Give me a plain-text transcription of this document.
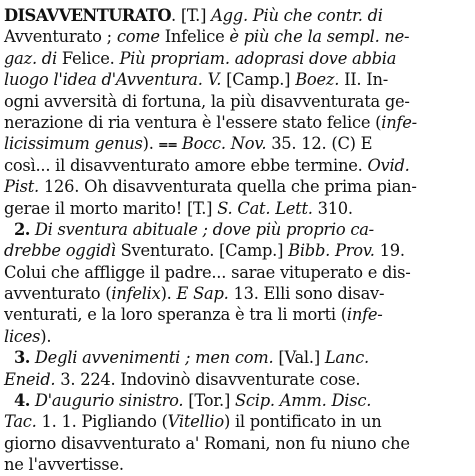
DISAVVENTURATO. [T.] Agg. Più che contr. di
Avventurato ; come Infelice è più che la sempl. ne-
gaz. di Felice. Più propriam. adoprasi dove abbia
luogo l'idea d'Avventura. V. [Camp.] Boez. II. In-
ogni avversità di fortuna, la più disavventurata ge-
nerazione di ria ventura è l'essere stato felice (infe-
licissimum genus). ⩵ Bocc. Nov. 35. 12. (C) E
così... il disavventurato amore ebbe termine. Ovid.
Pist. 126. Oh disavventurata quella che prima pian-
gerae il morto marito! [T.] S. Cat. Lett. 310.
2. Di sventura abituale ; dove più proprio ca-
drebbe oggidì Sventurato. [Camp.] Bibb. Prov. 19.
Colui che affligge il padre... sarae vituperato e dis-
avventurato (infelix). E Sap. 13. Elli sono disav-
venturati, e la loro speranza è tra li morti (infe-
lices).
3. Degli avvenimenti ; men com. [Val.] Lanc.
Eneid. 3. 224. Indovinò disavventurate cose.
4. D'augurio sinistro. [Tor.] Scip. Amm. Disc.
Tac. 1. 1. Pigliando (Vitellio) il pontificato in un
giorno disavventurato a' Romani, non fu niuno che
ne l'avvertisse.
